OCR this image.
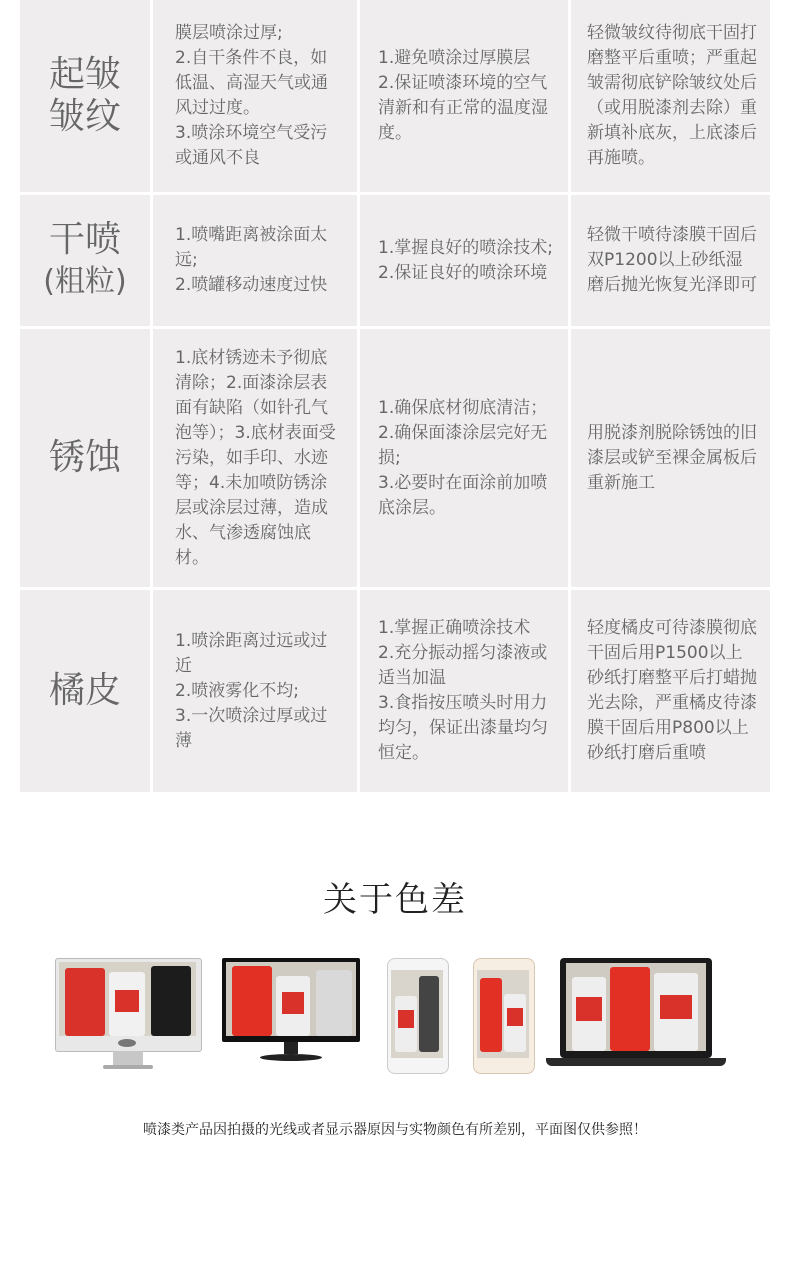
起皱
皱纹
膜层喷涂过厚;
2.自干条件不良，如低温、高湿天气或通风过过度。
3.喷涂环境空气受污或通风不良
1.避免喷涂过厚膜层
2.保证喷漆环境的空气清新和有正常的温度湿度。
轻微皱纹待彻底干固打磨整平后重喷；严重起皱需彻底铲除皱纹处后（或用脱漆剂去除）重新填补底灰，上底漆后再施喷。
干喷
(粗粒)
1.喷嘴距离被涂面太远;
2.喷罐移动速度过快
1.掌握良好的喷涂技术;
2.保证良好的喷涂环境
轻微干喷待漆膜干固后双P1200以上砂纸湿磨后抛光恢复光泽即可
锈蚀
1.底材锈迹未予彻底清除；2.面漆涂层表面有缺陷（如针孔气泡等）；3.底材表面受污染，如手印、水迹等；4.未加喷防锈涂层或涂层过薄，造成水、气渗透腐蚀底材。
1.确保底材彻底清洁；2.确保面漆涂层完好无损;
3.必要时在面涂前加喷底涂层。
用脱漆剂脱除锈蚀的旧漆层或铲至裸金属板后重新施工
橘皮
1.喷涂距离过远或过近
2.喷液雾化不均;
3.一次喷涂过厚或过薄
1.掌握正确喷涂技术
2.充分振动摇匀漆液或适当加温
3.食指按压喷头时用力均匀，保证出漆量均匀恒定。
轻度橘皮可待漆膜彻底干固后用P1500以上砂纸打磨整平后打蜡抛光去除，严重橘皮待漆膜干固后用P800以上砂纸打磨后重喷
关于色差
喷漆类产品因拍摄的光线或者显示器原因与实物颜色有所差别，平面图仅供参照！
